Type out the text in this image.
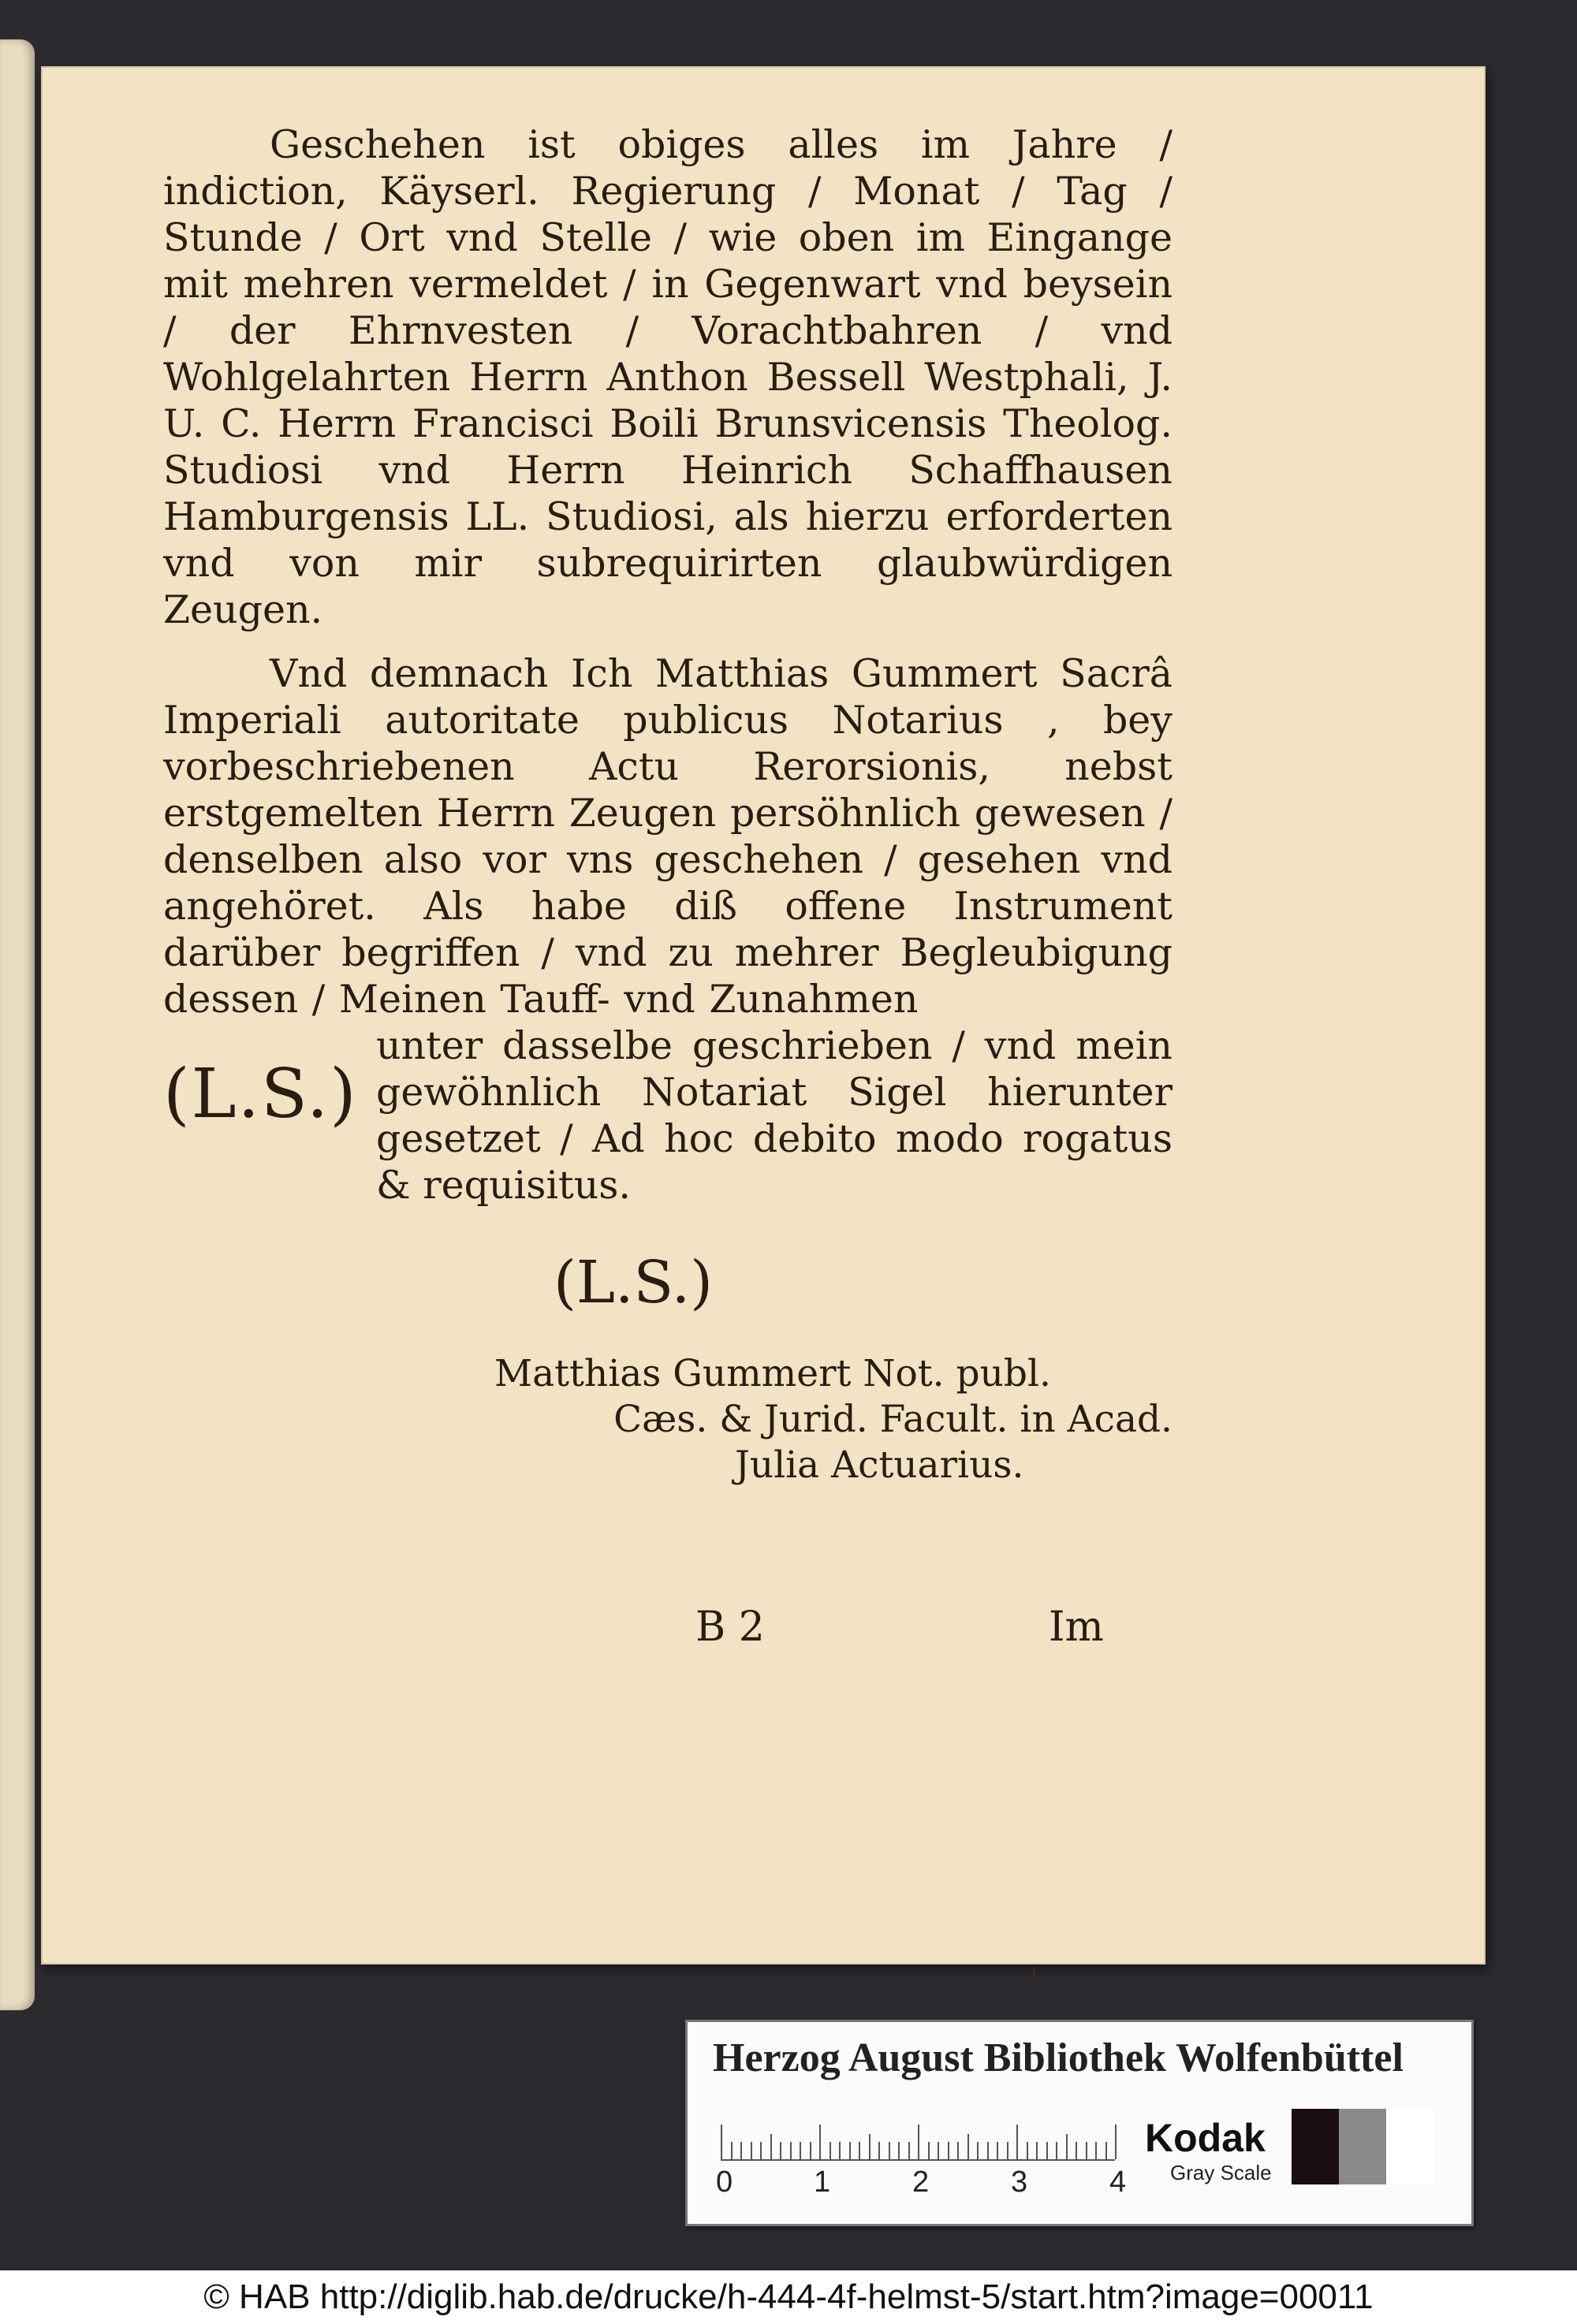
Geschehen ist obiges alles im Jahre / indiction, Käyserl. Regierung / Monat / Tag / Stunde / Ort vnd Stelle / wie oben im Eingange mit mehren vermeldet / in Gegenwart vnd beysein / der Ehrnvesten / Vorachtbahren / vnd Wohlgelahrten Herrn Anthon Bessell Westphali, J. U. C. Herrn Francisci Boili Brunsvicensis Theolog. Studiosi vnd Herrn Heinrich Schaffhausen Hamburgensis LL. Studiosi, als hierzu erforderten vnd von mir subrequirirten glaubwürdigen Zeugen.

Vnd demnach Ich Matthias Gummert Sacrâ Imperiali autoritate publicus Notarius , bey vorbeschriebenen Actu Rerorsionis, nebst erstgemelten Herrn Zeugen persöhnlich gewesen / denselben also vor vns geschehen / gesehen vnd angehöret. Als habe diß offene Instrument darüber begriffen / vnd zu mehrer Begleubigung dessen / Meinen Tauff- vnd Zunahmen

(L.S.)
unter dasselbe geschrieben / vnd mein gewöhnlich Notariat Sigel hierunter gesetzet / Ad hoc debito modo rogatus & requisitus.
(L.S.)
Matthias Gummert Not. publ.
Cæs. & Jurid. Facult. in Acad.
Julia Actuarius.
B 2	Im
Herzog August Bibliothek Wolfenbüttel
0	1	2	3	4
Kodak
Gray Scale
© HAB http://diglib.hab.de/drucke/h-444-4f-helmst-5/start.htm?image=00011
